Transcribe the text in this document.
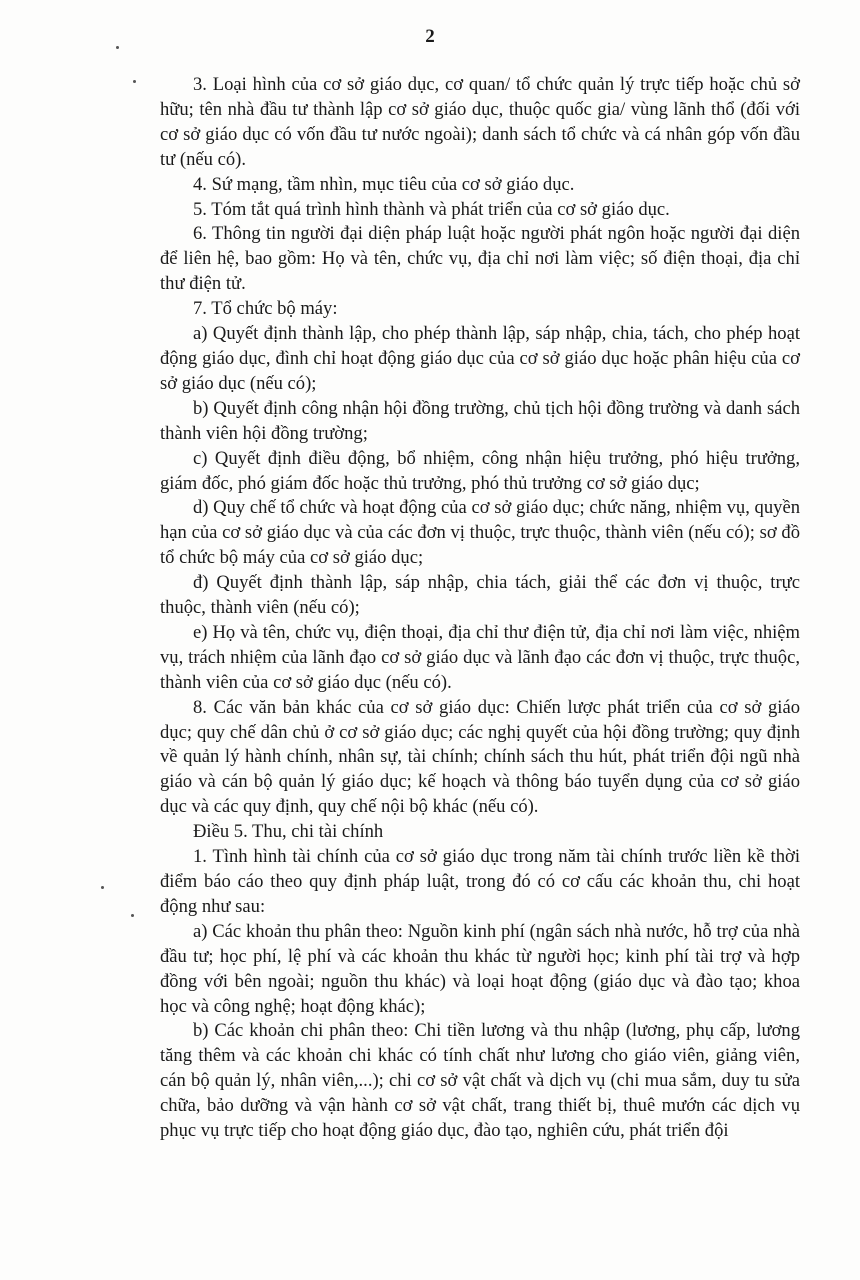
2

3. Loại hình của cơ sở giáo dục, cơ quan/ tổ chức quản lý trực tiếp hoặc chủ sở hữu; tên nhà đầu tư thành lập cơ sở giáo dục, thuộc quốc gia/ vùng lãnh thổ (đối với cơ sở giáo dục có vốn đầu tư nước ngoài); danh sách tổ chức và cá nhân góp vốn đầu tư (nếu có).

4. Sứ mạng, tầm nhìn, mục tiêu của cơ sở giáo dục.

5. Tóm tắt quá trình hình thành và phát triển của cơ sở giáo dục.

6. Thông tin người đại diện pháp luật hoặc người phát ngôn hoặc người đại diện để liên hệ, bao gồm: Họ và tên, chức vụ, địa chỉ nơi làm việc; số điện thoại, địa chỉ thư điện tử.

7. Tổ chức bộ máy:

a) Quyết định thành lập, cho phép thành lập, sáp nhập, chia, tách, cho phép hoạt động giáo dục, đình chỉ hoạt động giáo dục của cơ sở giáo dục hoặc phân hiệu của cơ sở giáo dục (nếu có);

b) Quyết định công nhận hội đồng trường, chủ tịch hội đồng trường và danh sách thành viên hội đồng trường;

c) Quyết định điều động, bổ nhiệm, công nhận hiệu trưởng, phó hiệu trưởng, giám đốc, phó giám đốc hoặc thủ trưởng, phó thủ trưởng cơ sở giáo dục;

d) Quy chế tổ chức và hoạt động của cơ sở giáo dục; chức năng, nhiệm vụ, quyền hạn của cơ sở giáo dục và của các đơn vị thuộc, trực thuộc, thành viên (nếu có); sơ đồ tổ chức bộ máy của cơ sở giáo dục;

đ) Quyết định thành lập, sáp nhập, chia tách, giải thể các đơn vị thuộc, trực thuộc, thành viên (nếu có);

e) Họ và tên, chức vụ, điện thoại, địa chỉ thư điện tử, địa chỉ nơi làm việc, nhiệm vụ, trách nhiệm của lãnh đạo cơ sở giáo dục và lãnh đạo các đơn vị thuộc, trực thuộc, thành viên của cơ sở giáo dục (nếu có).

8. Các văn bản khác của cơ sở giáo dục: Chiến lược phát triển của cơ sở giáo dục; quy chế dân chủ ở cơ sở giáo dục; các nghị quyết của hội đồng trường; quy định về quản lý hành chính, nhân sự, tài chính; chính sách thu hút, phát triển đội ngũ nhà giáo và cán bộ quản lý giáo dục; kế hoạch và thông báo tuyển dụng của cơ sở giáo dục và các quy định, quy chế nội bộ khác (nếu có).

Điều 5. Thu, chi tài chính

1. Tình hình tài chính của cơ sở giáo dục trong năm tài chính trước liền kề thời điểm báo cáo theo quy định pháp luật, trong đó có cơ cấu các khoản thu, chi hoạt động như sau:

a) Các khoản thu phân theo: Nguồn kinh phí (ngân sách nhà nước, hỗ trợ của nhà đầu tư; học phí, lệ phí và các khoản thu khác từ người học; kinh phí tài trợ và hợp đồng với bên ngoài; nguồn thu khác) và loại hoạt động (giáo dục và đào tạo; khoa học và công nghệ; hoạt động khác);

b) Các khoản chi phân theo: Chi tiền lương và thu nhập (lương, phụ cấp, lương tăng thêm và các khoản chi khác có tính chất như lương cho giáo viên, giảng viên, cán bộ quản lý, nhân viên,...); chi cơ sở vật chất và dịch vụ (chi mua sắm, duy tu sửa chữa, bảo dưỡng và vận hành cơ sở vật chất, trang thiết bị, thuê mướn các dịch vụ phục vụ trực tiếp cho hoạt động giáo dục, đào tạo, nghiên cứu, phát triển đội
